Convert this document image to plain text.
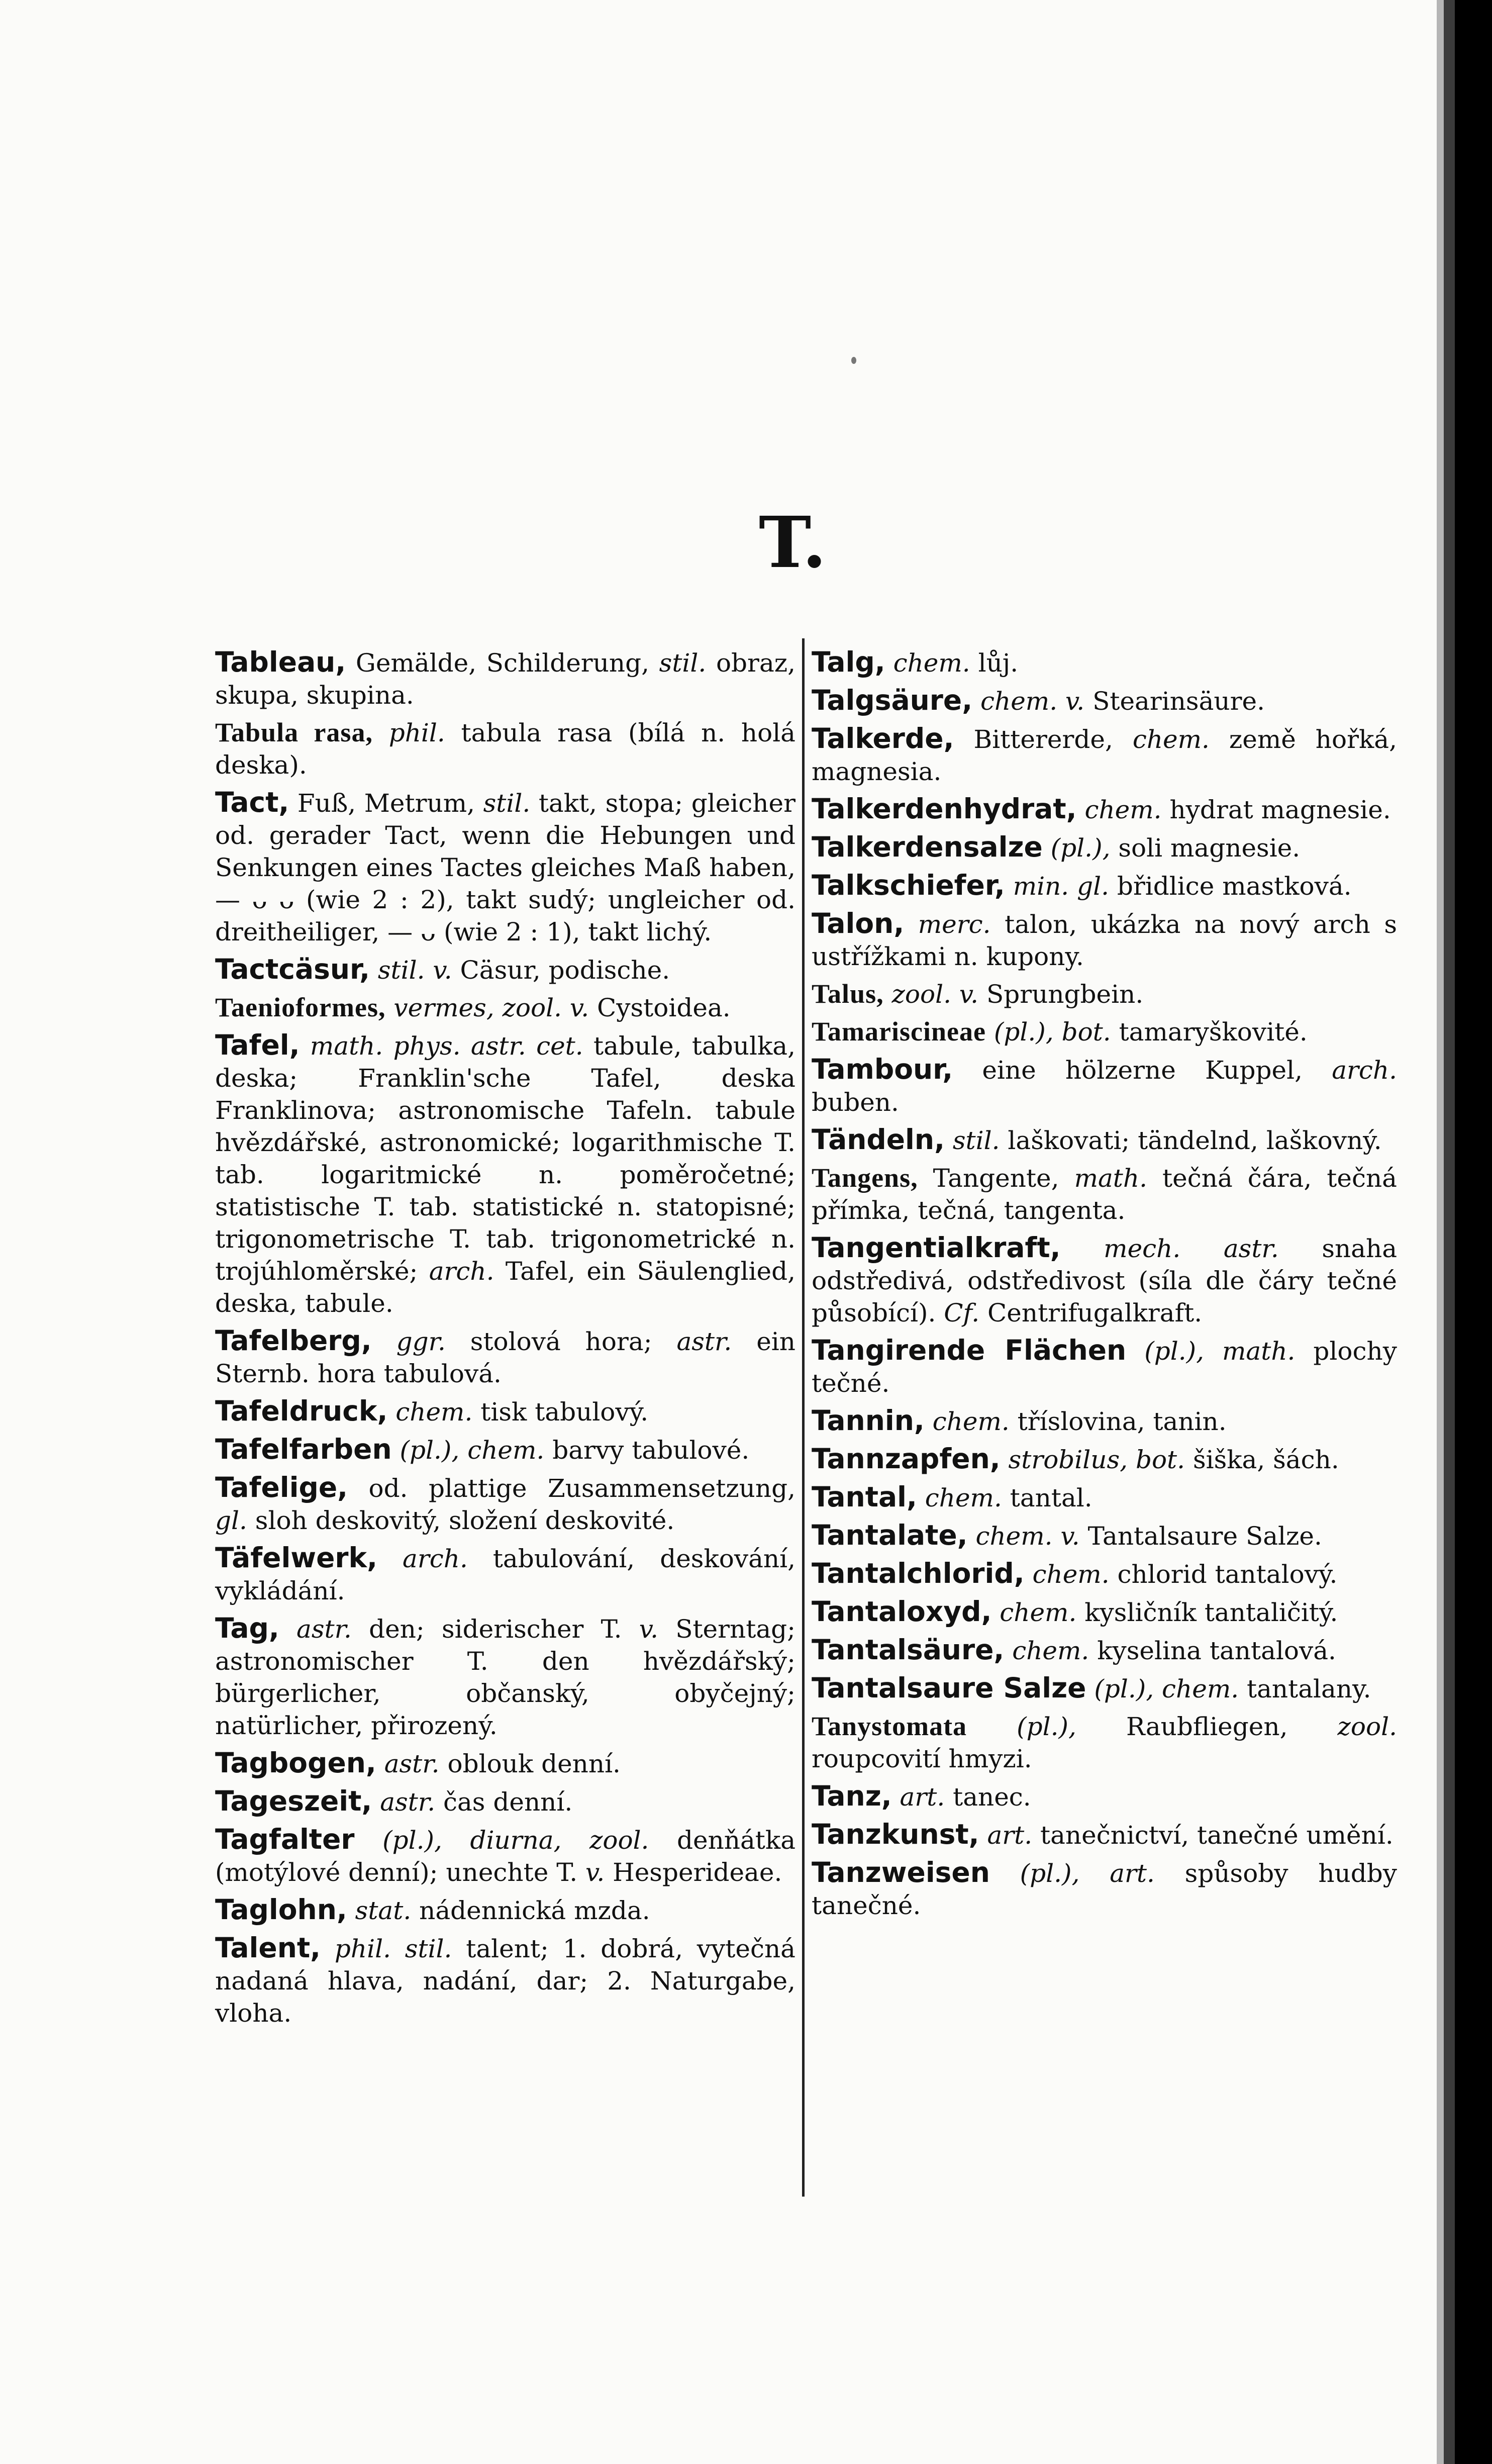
T.
Tableau, Gemälde, Schilderung, stil. obraz, skupa, skupina.
Tabula rasa, phil. tabula rasa (bílá n. holá deska).
Tact, Fuß, Metrum, stil. takt, stopa; gleicher od. gerader Tact, wenn die Hebungen und Senkungen eines Tactes gleiches Maß haben, — ᴗ ᴗ (wie 2 : 2), takt sudý; ungleicher od. dreitheiliger, — ᴗ (wie 2 : 1), takt lichý.
Tactcäsur, stil. v. Cäsur, podische.
Taenioformes, vermes, zool. v. Cystoidea.
Tafel, math. phys. astr. cet. tabule, tabulka, deska; Franklin'sche Tafel, deska Franklinova; astronomische Tafeln. tabule hvězdářské, astronomické; logarithmische T. tab. logaritmické n. poměročetné; statistische T. tab. statistické n. statopisné; trigonometrische T. tab. trigonometrické n. trojúhloměrské; arch. Tafel, ein Säulenglied, deska, tabule.
Tafelberg, ggr. stolová hora; astr. ein Sternb. hora tabulová.
Tafeldruck, chem. tisk tabulový.
Tafelfarben (pl.), chem. barvy tabulové.
Tafelige, od. plattige Zusammensetzung, gl. sloh deskovitý, složení deskovité.
Täfelwerk, arch. tabulování, deskování, vykládání.
Tag, astr. den; siderischer T. v. Sterntag; astronomischer T. den hvězdářský; bürgerlicher, občanský, obyčejný; natürlicher, přirozený.
Tagbogen, astr. oblouk denní.
Tageszeit, astr. čas denní.
Tagfalter (pl.), diurna, zool. denňátka (motýlové denní); unechte T. v. Hesperideae.
Taglohn, stat. nádennická mzda.
Talent, phil. stil. talent; 1. dobrá, vytečná nadaná hlava, nadání, dar; 2. Naturgabe, vloha.
Talg, chem. lůj.
Talgsäure, chem. v. Stearinsäure.
Talkerde, Bittererde, chem. země hořká, magnesia.
Talkerdenhydrat, chem. hydrat magnesie.
Talkerdensalze (pl.), soli magnesie.
Talkschiefer, min. gl. břidlice mastková.
Talon, merc. talon, ukázka na nový arch s ustřížkami n. kupony.
Talus, zool. v. Sprungbein.
Tamariscineae (pl.), bot. tamaryškovité.
Tambour, eine hölzerne Kuppel, arch. buben.
Tändeln, stil. laškovati; tändelnd, laškovný.
Tangens, Tangente, math. tečná čára, tečná přímka, tečná, tangenta.
Tangentialkraft, mech. astr. snaha odstředivá, odstředivost (síla dle čáry tečné působící). Cf. Centrifugalkraft.
Tangirende Flächen (pl.), math. plochy tečné.
Tannin, chem. tříslovina, tanin.
Tannzapfen, strobilus, bot. šiška, šách.
Tantal, chem. tantal.
Tantalate, chem. v. Tantalsaure Salze.
Tantalchlorid, chem. chlorid tantalový.
Tantaloxyd, chem. kysličník tantaličitý.
Tantalsäure, chem. kyselina tantalová.
Tantalsaure Salze (pl.), chem. tantalany.
Tanystomata (pl.), Raubfliegen, zool. roupcovití hmyzi.
Tanz, art. tanec.
Tanzkunst, art. tanečnictví, tanečné umění.
Tanzweisen (pl.), art. spůsoby hudby tanečné.
